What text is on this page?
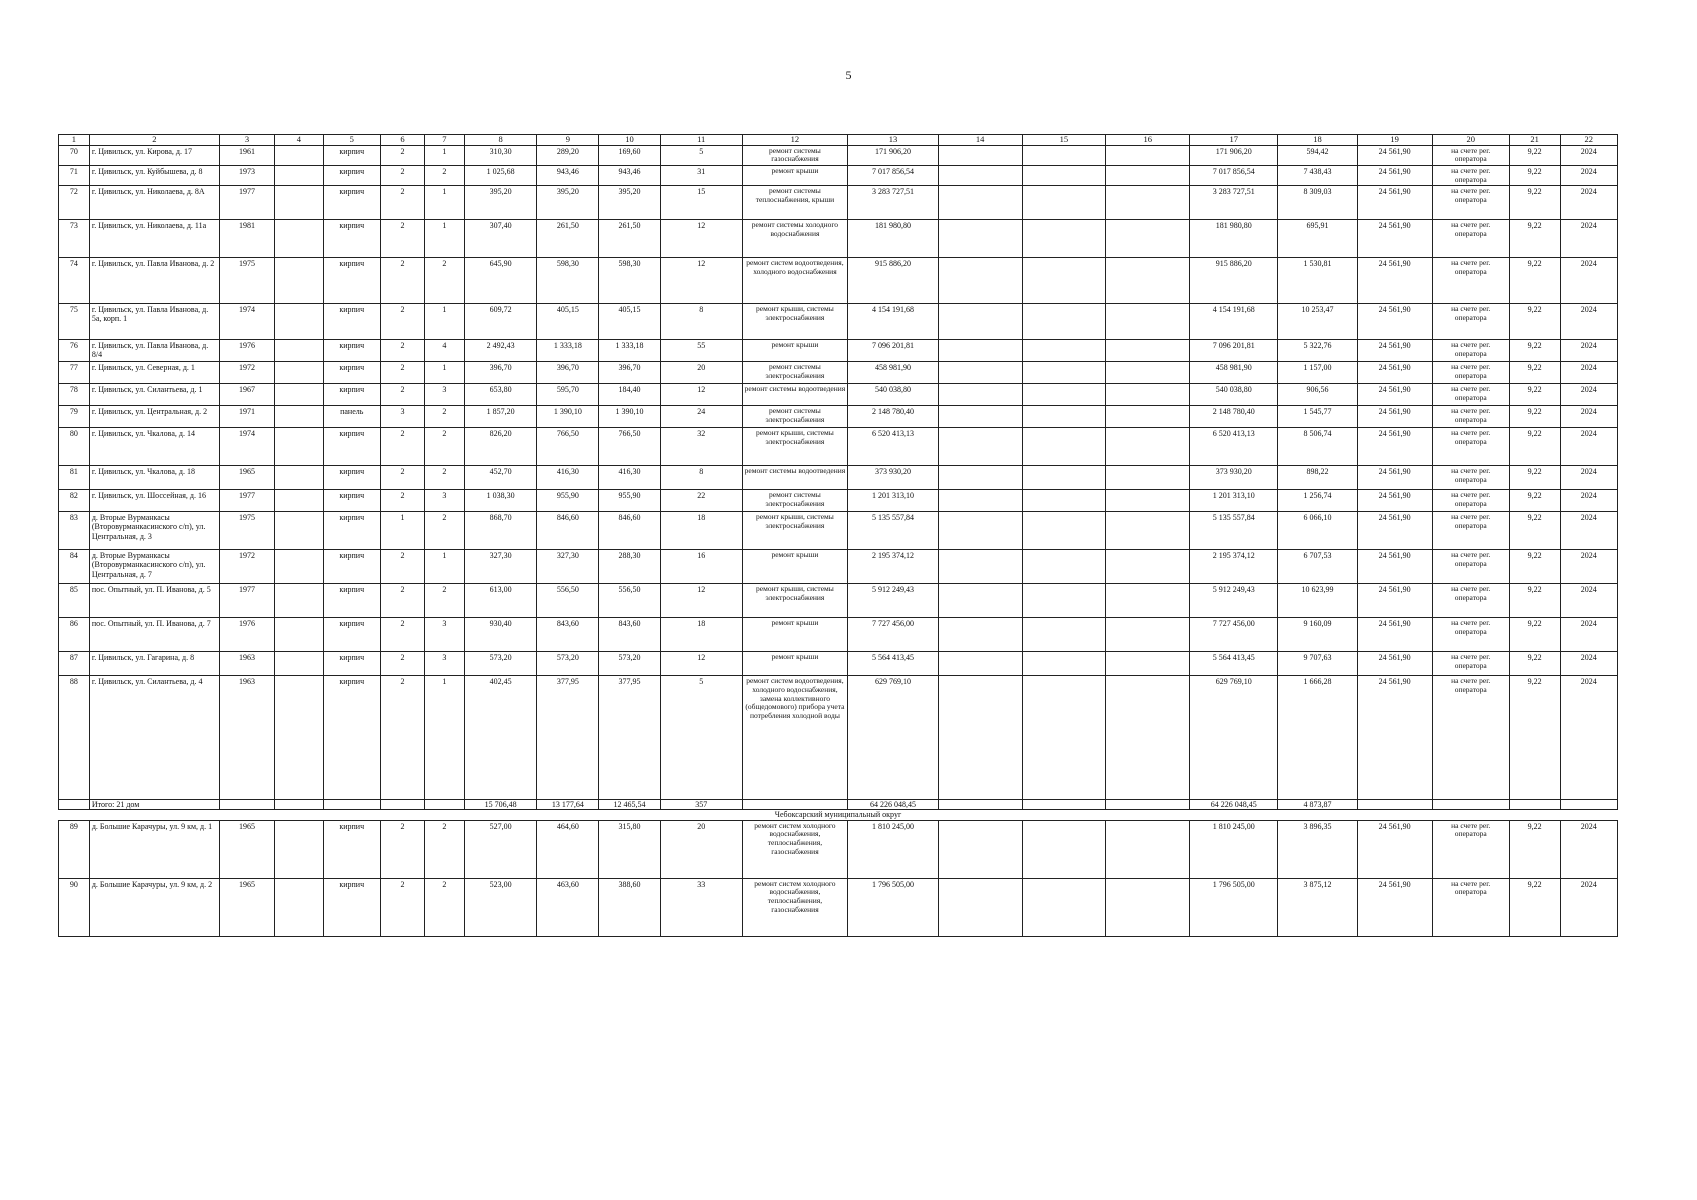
5
1	2	3	4	5	6	7	8	9	10	11	12	13	14	15	16	17	18	19	20	21	22
70	г. Цивильск, ул. Кирова, д. 17	1961		кирпич	2	1	310,30	289,20	169,60	5	ремонт системы газоснабжения	171 906,20				171 906,20	594,42	24 561,90	на счете рег. оператора	9,22	2024
71	г. Цивильск, ул. Куйбышева, д. 8	1973		кирпич	2	2	1 025,68	943,46	943,46	31	ремонт крыши	7 017 856,54				7 017 856,54	7 438,43	24 561,90	на счете рег. оператора	9,22	2024
72	г. Цивильск, ул. Николаева, д. 8А	1977		кирпич	2	1	395,20	395,20	395,20	15	ремонт системы теплоснабжения, крыши	3 283 727,51				3 283 727,51	8 309,03	24 561,90	на счете рег. оператора	9,22	2024
73	г. Цивильск, ул. Николаева, д. 11а	1981		кирпич	2	1	307,40	261,50	261,50	12	ремонт системы холодного водоснабжения	181 980,80				181 980,80	695,91	24 561,90	на счете рег. оператора	9,22	2024
74	г. Цивильск, ул. Павла Иванова, д. 2	1975		кирпич	2	2	645,90	598,30	598,30	12	ремонт систем водоотведения, холодного водоснабжения	915 886,20				915 886,20	1 530,81	24 561,90	на счете рег. оператора	9,22	2024
75	г. Цивильск, ул. Павла Иванова, д. 5а, корп. 1	1974		кирпич	2	1	609,72	405,15	405,15	8	ремонт крыши, системы электроснабжения	4 154 191,68				4 154 191,68	10 253,47	24 561,90	на счете рег. оператора	9,22	2024
76	г. Цивильск, ул. Павла Иванова, д. 8/4	1976		кирпич	2	4	2 492,43	1 333,18	1 333,18	55	ремонт крыши	7 096 201,81				7 096 201,81	5 322,76	24 561,90	на счете рег. оператора	9,22	2024
77	г. Цивильск, ул. Северная, д. 1	1972		кирпич	2	1	396,70	396,70	396,70	20	ремонт системы электроснабжения	458 981,90				458 981,90	1 157,00	24 561,90	на счете рег. оператора	9,22	2024
78	г. Цивильск, ул. Силантьева, д. 1	1967		кирпич	2	3	653,80	595,70	184,40	12	ремонт системы водоотведения	540 038,80				540 038,80	906,56	24 561,90	на счете рег. оператора	9,22	2024
79	г. Цивильск, ул. Центральная, д. 2	1971		панель	3	2	1 857,20	1 390,10	1 390,10	24	ремонт системы электроснабжения	2 148 780,40				2 148 780,40	1 545,77	24 561,90	на счете рег. оператора	9,22	2024
80	г. Цивильск, ул. Чкалова, д. 14	1974		кирпич	2	2	826,20	766,50	766,50	32	ремонт крыши, системы электроснабжения	6 520 413,13				6 520 413,13	8 506,74	24 561,90	на счете рег. оператора	9,22	2024
81	г. Цивильск, ул. Чкалова, д. 18	1965		кирпич	2	2	452,70	416,30	416,30	8	ремонт системы водоотведения	373 930,20				373 930,20	898,22	24 561,90	на счете рег. оператора	9,22	2024
82	г. Цивильск, ул. Шоссейная, д. 16	1977		кирпич	2	3	1 038,30	955,90	955,90	22	ремонт системы электроснабжения	1 201 313,10				1 201 313,10	1 256,74	24 561,90	на счете рег. оператора	9,22	2024
83	д. Вторые Вурманкасы (Второвурманкасинского с/п), ул. Центральная, д. 3	1975		кирпич	1	2	868,70	846,60	846,60	18	ремонт крыши, системы электроснабжения	5 135 557,84				5 135 557,84	6 066,10	24 561,90	на счете рег. оператора	9,22	2024
84	д. Вторые Вурманкасы (Второвурманкасинского с/п), ул. Центральная, д. 7	1972		кирпич	2	1	327,30	327,30	288,30	16	ремонт крыши	2 195 374,12				2 195 374,12	6 707,53	24 561,90	на счете рег. оператора	9,22	2024
85	пос. Опытный, ул. П. Иванова, д. 5	1977		кирпич	2	2	613,00	556,50	556,50	12	ремонт крыши, системы электроснабжения	5 912 249,43				5 912 249,43	10 623,99	24 561,90	на счете рег. оператора	9,22	2024
86	пос. Опытный, ул. П. Иванова, д. 7	1976		кирпич	2	3	930,40	843,60	843,60	18	ремонт крыши	7 727 456,00				7 727 456,00	9 160,09	24 561,90	на счете рег. оператора	9,22	2024
87	г. Цивильск, ул. Гагарина, д. 8	1963		кирпич	2	3	573,20	573,20	573,20	12	ремонт крыши	5 564 413,45				5 564 413,45	9 707,63	24 561,90	на счете рег. оператора	9,22	2024
88	г. Цивильск, ул. Силантьева, д. 4	1963		кирпич	2	1	402,45	377,95	377,95	5	ремонт систем водоотведения, холодного водоснабжения, замена коллективного (общедомового) прибора учета потребления холодной воды	629 769,10				629 769,10	1 666,28	24 561,90	на счете рег. оператора	9,22	2024
	Итого: 21 дом						15 706,48	13 177,64	12 465,54	357		64 226 048,45				64 226 048,45	4 873,87				
Чебоксарский муниципальный округ																					
89	д. Большие Карачуры, ул. 9 км, д. 1	1965		кирпич	2	2	527,00	464,60	315,80	20	ремонт систем холодного водоснабжения, теплоснабжения, газоснабжения	1 810 245,00				1 810 245,00	3 896,35	24 561,90	на счете рег. оператора	9,22	2024
90	д. Большие Карачуры, ул. 9 км, д. 2	1965		кирпич	2	2	523,00	463,60	388,60	33	ремонт систем холодного водоснабжения, теплоснабжения, газоснабжения	1 796 505,00				1 796 505,00	3 875,12	24 561,90	на счете рег. оператора	9,22	2024
